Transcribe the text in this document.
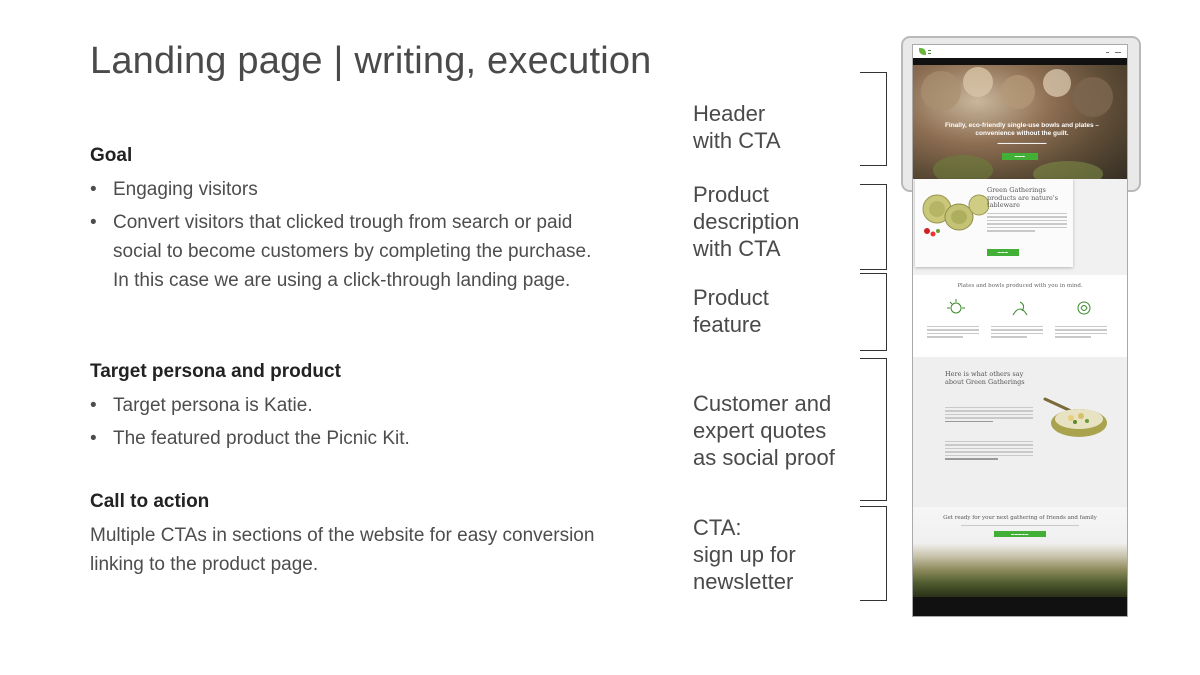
Landing page | writing, execution
Goal
• Engaging visitors
• Convert visitors that clicked trough from search or paid social to become customers by completing the purchase. In this case we are using a click-through landing page.
Target persona and product
• Target persona is Katie.
• The featured product the Picnic Kit.
Call to action

Multiple CTAs in sections of the website for easy conversion linking to the product page.

Header
with CTA
Product
description
with CTA
Product
feature
Customer and
expert quotes
as social proof
CTA:
sign up for
newsletter
▬
▬	▬ ▬▬
Finally, eco-friendly single-use bowls and plates – convenience without the guilt.
▬▬▬▬▬▬▬▬▬▬▬▬▬▬
▬▬▬
Green Gatherings products are nature's tableware
▬▬▬
Plates and bowls produced with you in mind.
Here is what others say about Green Gatherings
Get ready for your next gathering of friends and family
▬▬▬▬▬
